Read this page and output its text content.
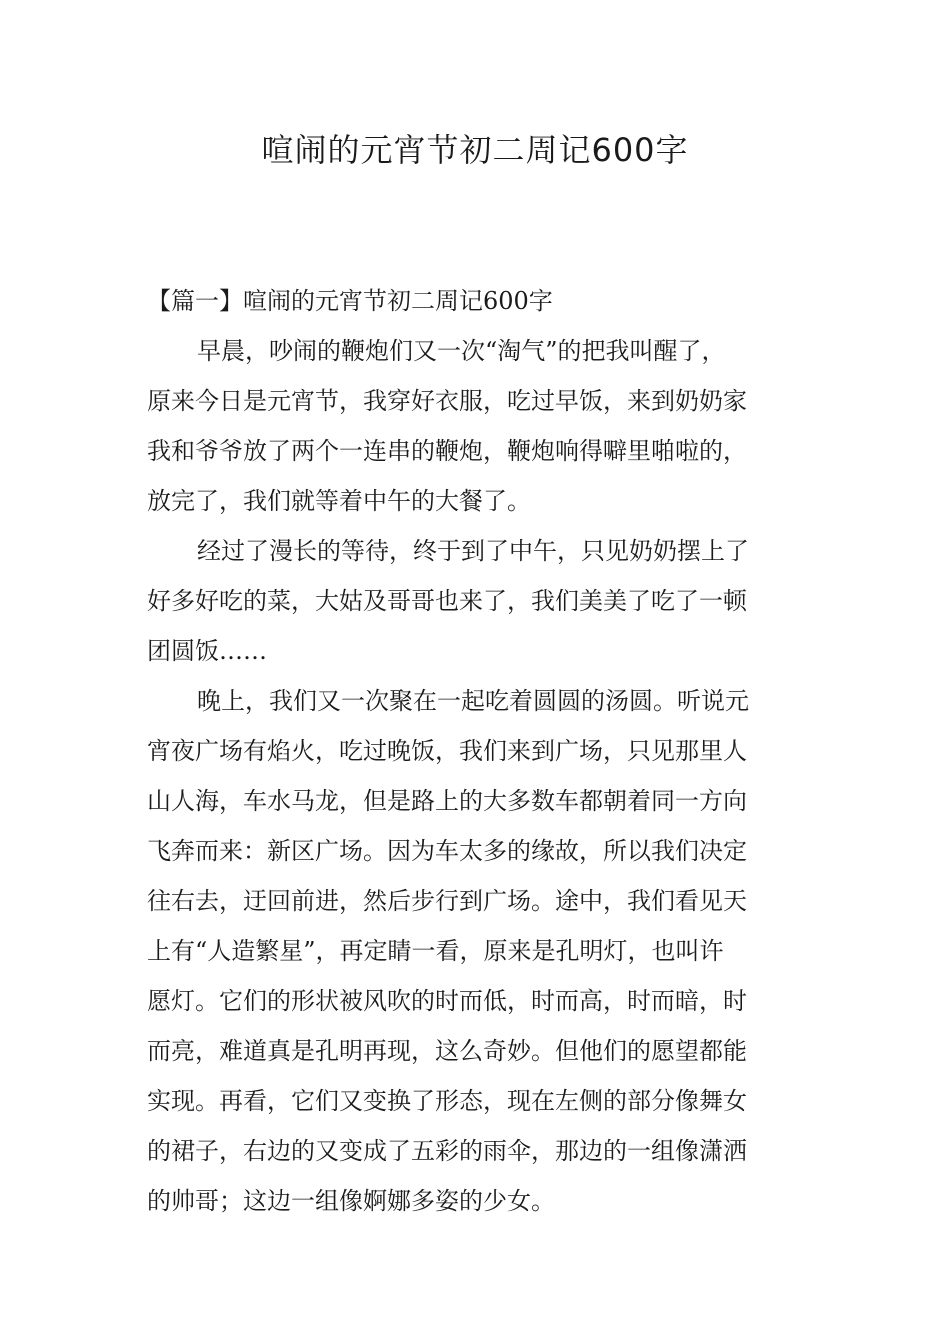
喧闹的元宵节初二周记600字
【篇一】喧闹的元宵节初二周记600字
早晨，吵闹的鞭炮们又一次“淘气”的把我叫醒了，
原来今日是元宵节，我穿好衣服，吃过早饭，来到奶奶家
我和爷爷放了两个一连串的鞭炮，鞭炮响得噼里啪啦的，
放完了，我们就等着中午的大餐了。
经过了漫长的等待，终于到了中午，只见奶奶摆上了
好多好吃的菜，大姑及哥哥也来了，我们美美了吃了一顿
团圆饭……
晚上，我们又一次聚在一起吃着圆圆的汤圆。听说元
宵夜广场有焰火，吃过晚饭，我们来到广场，只见那里人
山人海，车水马龙，但是路上的大多数车都朝着同一方向
飞奔而来：新区广场。因为车太多的缘故，所以我们决定
往右去，迂回前进，然后步行到广场。途中，我们看见天
上有“人造繁星”，再定睛一看，原来是孔明灯，也叫许
愿灯。它们的形状被风吹的时而低，时而高，时而暗，时
而亮，难道真是孔明再现，这么奇妙。但他们的愿望都能
实现。再看，它们又变换了形态，现在左侧的部分像舞女
的裙子，右边的又变成了五彩的雨伞，那边的一组像潇洒
的帅哥；这边一组像婀娜多姿的少女。
